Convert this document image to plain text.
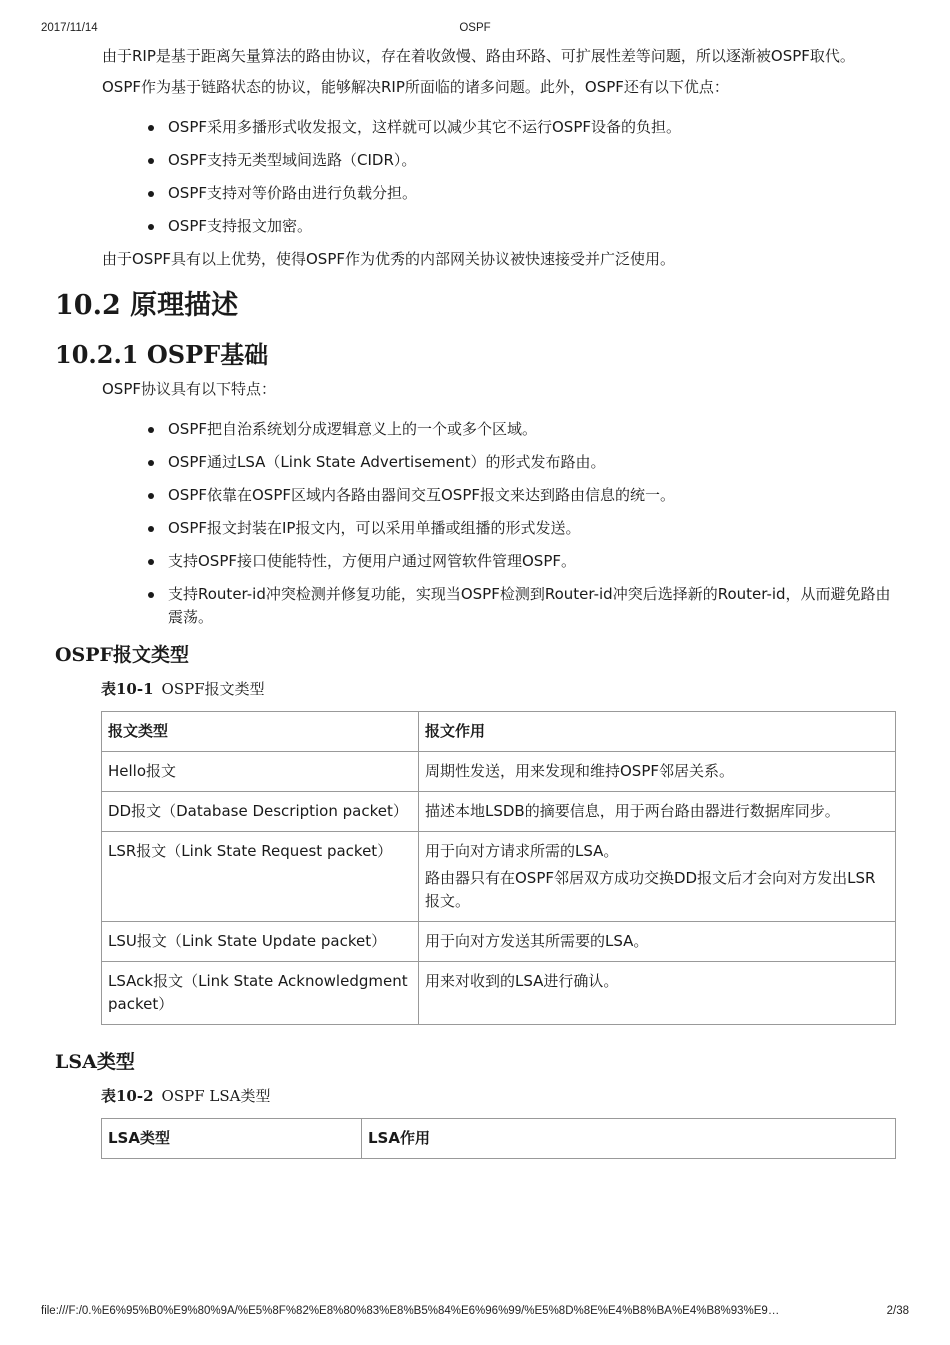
2017/11/14	OSPF

由于RIP是基于距离矢量算法的路由协议，存在着收敛慢、路由环路、可扩展性差等问题，所以逐渐被OSPF取代。

OSPF作为基于链路状态的协议，能够解决RIP所面临的诸多问题。此外，OSPF还有以下优点：

OSPF采用多播形式收发报文，这样就可以减少其它不运行OSPF设备的负担。
OSPF支持无类型域间选路（CIDR）。
OSPF支持对等价路由进行负载分担。
OSPF支持报文加密。

由于OSPF具有以上优势，使得OSPF作为优秀的内部网关协议被快速接受并广泛使用。

10.2 原理描述
10.2.1 OSPF基础

OSPF协议具有以下特点：

OSPF把自治系统划分成逻辑意义上的一个或多个区域。
OSPF通过LSA（Link State Advertisement）的形式发布路由。
OSPF依靠在OSPF区域内各路由器间交互OSPF报文来达到路由信息的统一。
OSPF报文封装在IP报文内，可以采用单播或组播的形式发送。
支持OSPF接口使能特性，方便用户通过网管软件管理OSPF。
支持Router-id冲突检测并修复功能，实现当OSPF检测到Router-id冲突后选择新的Router-id，从而避免路由震荡。
OSPF报文类型
表10-1 OSPF报文类型
报文类型	报文作用
Hello报文	周期性发送，用来发现和维持OSPF邻居关系。

DD报文（Database Description packet）	描述本地LSDB的摘要信息，用于两台路由器进行数据库同步。

LSR报文（Link State Request packet）	用于向对方请求所需的LSA。
路由器只有在OSPF邻居双方成功交换DD报文后才会向对方发出LSR报文。

LSU报文（Link State Update packet）	用于向对方发送其所需要的LSA。

LSAck报文（Link State Acknowledgment packet）	用来对收到的LSA进行确认。
LSA类型
表10-2 OSPF LSA类型
LSA类型	LSA作用
file:///F:/0.%E6%95%B0%E9%80%9A/%E5%8F%82%E8%80%83%E8%B5%84%E6%96%99/%E5%8D%8E%E4%B8%BA%E4%B8%93%E9…	2/38
